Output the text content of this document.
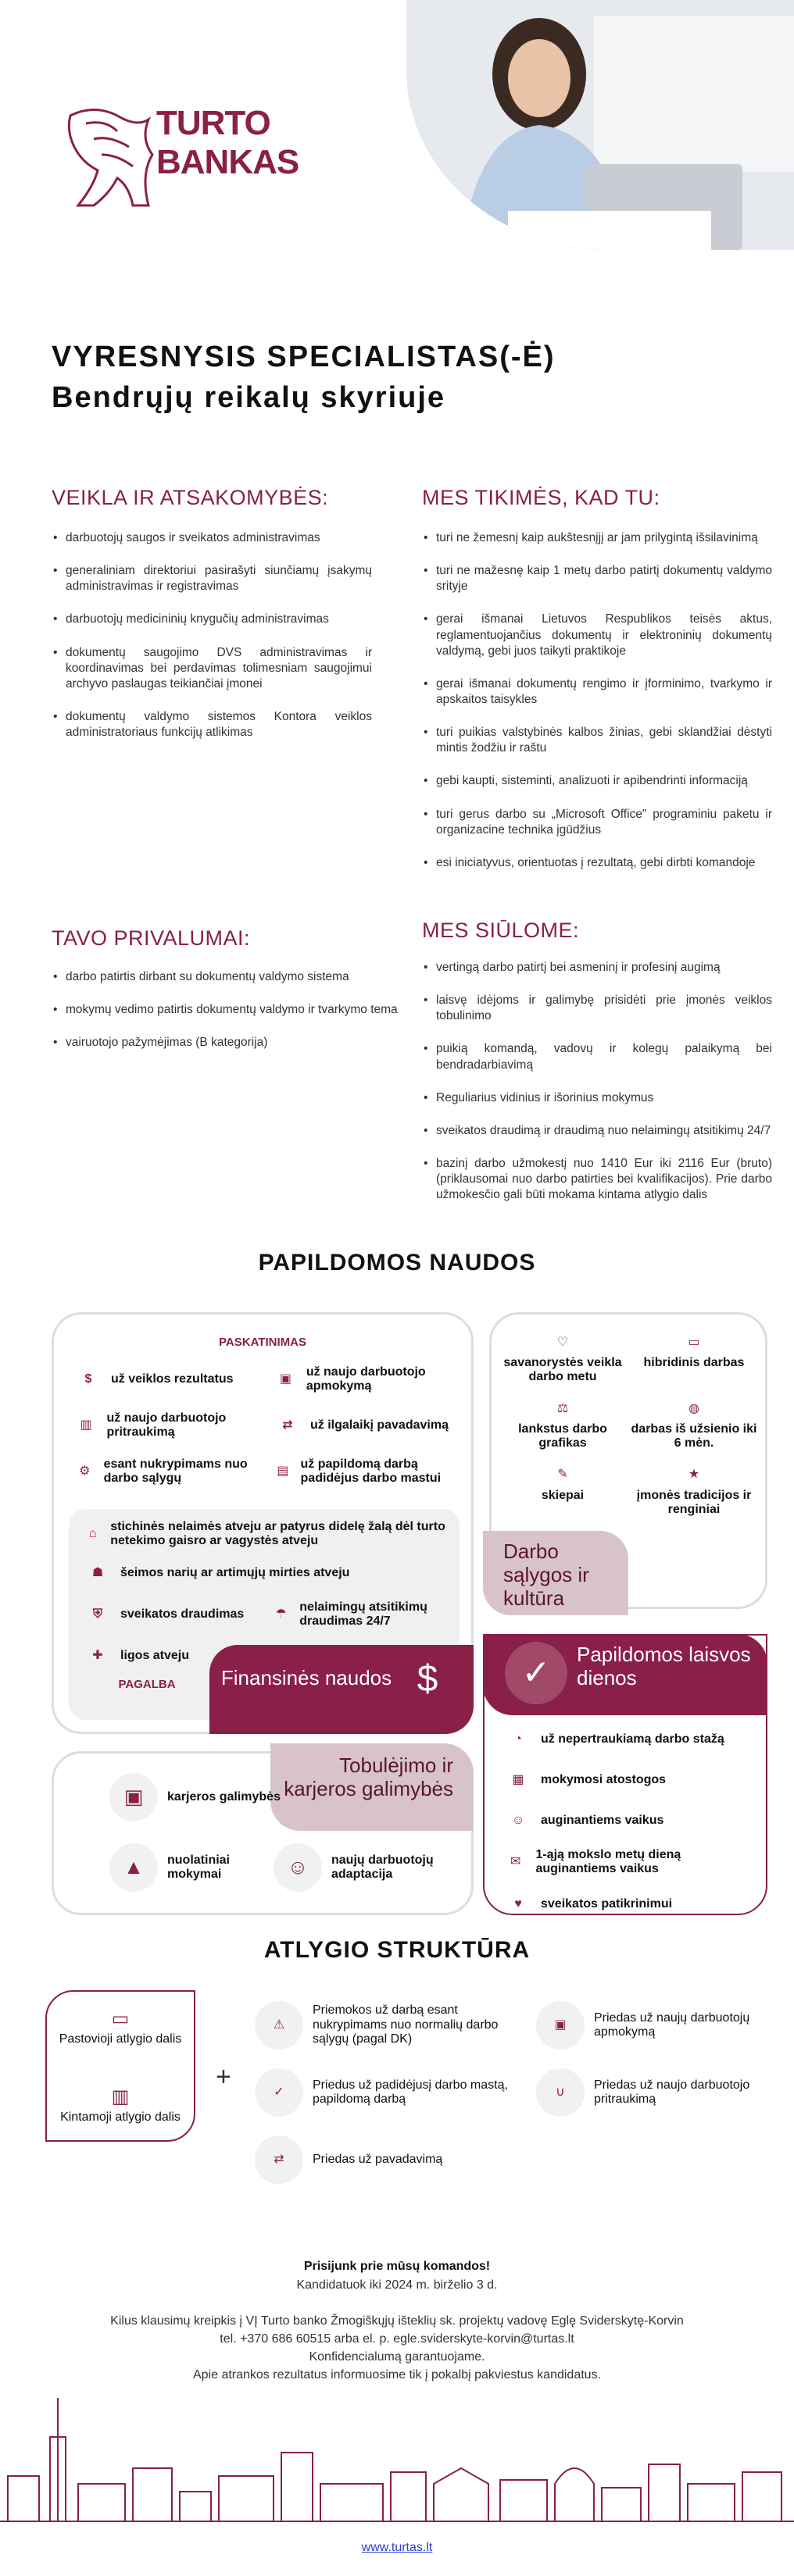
TURTO
BANKAS
VYRESNYSIS SPECIALISTAS(-Ė)
Bendrųjų reikalų skyriuje
VEIKLA IR ATSAKOMYBĖS:
• darbuotojų saugos ir sveikatos administravimas
• generaliniam direktoriui pasirašyti siunčiamų įsakymų administravimas ir registravimas
• darbuotojų medicininių knygučių administravimas
• dokumentų saugojimo DVS administravimas ir koordinavimas bei perdavimas tolimesniam saugojimui archyvo paslaugas teikiančiai įmonei
• dokumentų valdymo sistemos Kontora veiklos administratoriaus funkcijų atlikimas
MES TIKIMĖS, KAD TU:
• turi ne žemesnį kaip aukštesnįjį ar jam prilygintą išsilavinimą
• turi ne mažesnę kaip 1 metų darbo patirtį dokumentų valdymo srityje
• gerai išmanai Lietuvos Respublikos teisės aktus, reglamentuojančius dokumentų ir elektroninių dokumentų valdymą, gebi juos taikyti praktikoje
• gerai išmanai dokumentų rengimo ir įforminimo, tvarkymo ir apskaitos taisykles
• turi puikias valstybinės kalbos žinias, gebi sklandžiai dėstyti mintis žodžiu ir raštu
• gebi kaupti, sisteminti, analizuoti ir apibendrinti informaciją
• turi gerus darbo su „Microsoft Office" programiniu paketu ir organizacine technika įgūdžius
• esi iniciatyvus, orientuotas į rezultatą, gebi dirbti komandoje
TAVO PRIVALUMAI:
• darbo patirtis dirbant su dokumentų valdymo sistema
• mokymų vedimo patirtis dokumentų valdymo ir tvarkymo tema
• vairuotojo pažymėjimas (B kategorija)
MES SIŪLOME:
• vertingą darbo patirtį bei asmeninį ir profesinį augimą
• laisvę idėjoms ir galimybę prisidėti prie įmonės veiklos tobulinimo
• puikią komandą, vadovų ir kolegų palaikymą bei bendradarbiavimą
• Reguliarius vidinius ir išorinius mokymus
• sveikatos draudimą ir draudimą nuo nelaimingų atsitikimų 24/7
• bazinį darbo užmokestį nuo 1410 Eur iki 2116 Eur (bruto) (priklausomai nuo darbo patirties bei kvalifikacijos). Prie darbo užmokesčio gali būti mokama kintama atlygio dalis
PAPILDOMOS NAUDOS
PASKATINIMAS
$	už veiklos rezultatus	▣
už naujo darbuotojo apmokymą
▥
už naujo darbuotojo pritraukimą
⇄	už ilgalaikį pavadavimą
⚙
esant nukrypimams nuo darbo sąlygų
▤
už papildomą darbą padidėjus darbo mastui
⌂
stichinės nelaimės atveju ar patyrus didelę žalą dėl turto netekimo gaisro ar vagystės atveju
☗	šeimos narių ar artimųjų mirties atveju
⛨	sveikatos draudimas	☂
nelaimingų atsitikimų draudimas 24/7
✚	ligos atveju
PAGALBA	Finansinės naudos $
♡
savanorystės veikla darbo metu
▭
hibridinis darbas
⚖
lankstus darbo grafikas
◍
darbas iš užsienio iki 6 mėn.
✎
skiepai
★
įmonės tradicijos ir renginiai
Darbo sąlygos ir kultūra
Papildomos laisvos dienos
✓
◔	už nepertraukiamą darbo stažą
▦	mokymosi atostogos
☺	auginantiems vaikus
✉
1-ąją mokslo metų dieną auginantiems vaikus
♥	sveikatos patikrinimui
Tobulėjimo ir karjeros galimybės
▣	karjeros galimybės
▲	nuolatiniai mokymai	☺	naujų darbuotojų adaptacija
ATLYGIO STRUKTŪRA
▭
Pastovioji atlygio dalis
▥
Kintamoji atlygio dalis
+
⚠
Priemokos už darbą esant nukrypimams nuo normalių darbo sąlygų (pagal DK)
▣
Priedas už naujų darbuotojų apmokymą
✓
Priedus už padidėjusį darbo mastą, papildomą darbą
∪
Priedas už naujo darbuotojo pritraukimą
⇄	Priedas už pavadavimą
Prisijunk prie mūsų komandos!
Kandidatuok iki 2024 m. birželio 3 d.
Kilus klausimų kreipkis į VĮ Turto banko Žmogiškųjų išteklių sk. projektų vadovę Eglę Sviderskytę-Korvin
tel. +370 686 60515 arba el. p. egle.sviderskyte-korvin@turtas.lt
Konfidencialumą garantuojame.
Apie atrankos rezultatus informuosime tik į pokalbį pakviestus kandidatus.
www.turtas.lt
